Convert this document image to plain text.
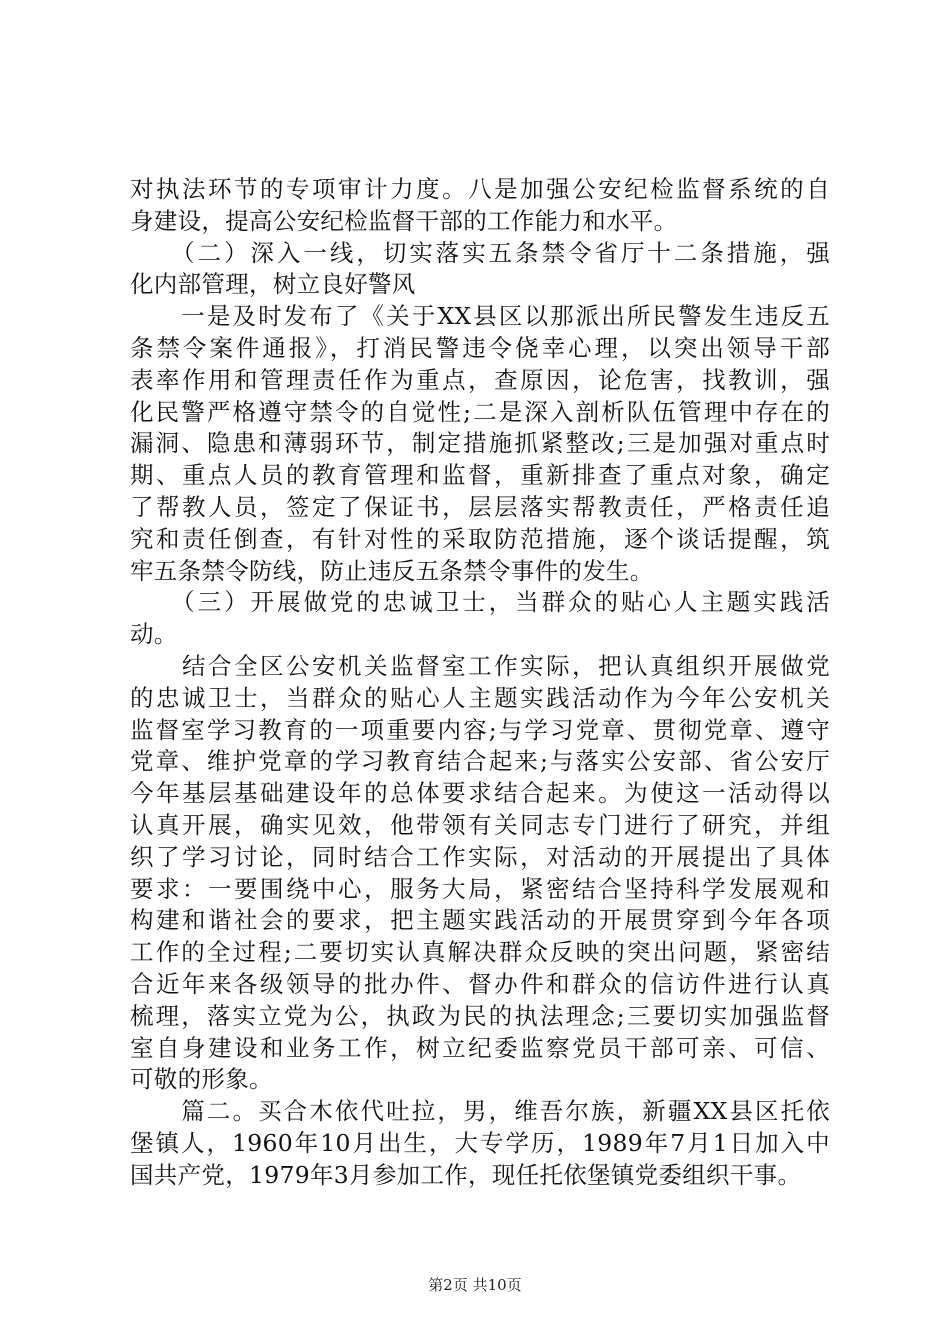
对执法环节的专项审计力度。八是加强公安纪检监督系统的自
身建设，提高公安纪检监督干部的工作能力和水平。
　　（二）深入一线，切实落实五条禁令省厅十二条措施，强
化内部管理，树立良好警风
　　一是及时发布了《关于XX县区以那派出所民警发生违反五
条禁令案件通报》，打消民警违令侥幸心理，以突出领导干部
表率作用和管理责任作为重点，查原因，论危害，找教训，强
化民警严格遵守禁令的自觉性;二是深入剖析队伍管理中存在的
漏洞、隐患和薄弱环节，制定措施抓紧整改;三是加强对重点时
期、重点人员的教育管理和监督，重新排查了重点对象，确定
了帮教人员，签定了保证书，层层落实帮教责任，严格责任追
究和责任倒查，有针对性的采取防范措施，逐个谈话提醒，筑
牢五条禁令防线，防止违反五条禁令事件的发生。
　　（三）开展做党的忠诚卫士，当群众的贴心人主题实践活
动。
　　结合全区公安机关监督室工作实际，把认真组织开展做党
的忠诚卫士，当群众的贴心人主题实践活动作为今年公安机关
监督室学习教育的一项重要内容;与学习党章、贯彻党章、遵守
党章、维护党章的学习教育结合起来;与落实公安部、省公安厅
今年基层基础建设年的总体要求结合起来。为使这一活动得以
认真开展，确实见效，他带领有关同志专门进行了研究，并组
织了学习讨论，同时结合工作实际，对活动的开展提出了具体
要求：一要围绕中心，服务大局，紧密结合坚持科学发展观和
构建和谐社会的要求，把主题实践活动的开展贯穿到今年各项
工作的全过程;二要切实认真解决群众反映的突出问题，紧密结
合近年来各级领导的批办件、督办件和群众的信访件进行认真
梳理，落实立党为公，执政为民的执法理念;三要切实加强监督
室自身建设和业务工作，树立纪委监察党员干部可亲、可信、
可敬的形象。
　　篇二。买合木依代吐拉，男，维吾尔族，新疆XX县区托依
堡镇人，1960年10月出生，大专学历，1989年7月1日加入中
国共产党，1979年3月参加工作，现任托依堡镇党委组织干事。
第2页 共10页
